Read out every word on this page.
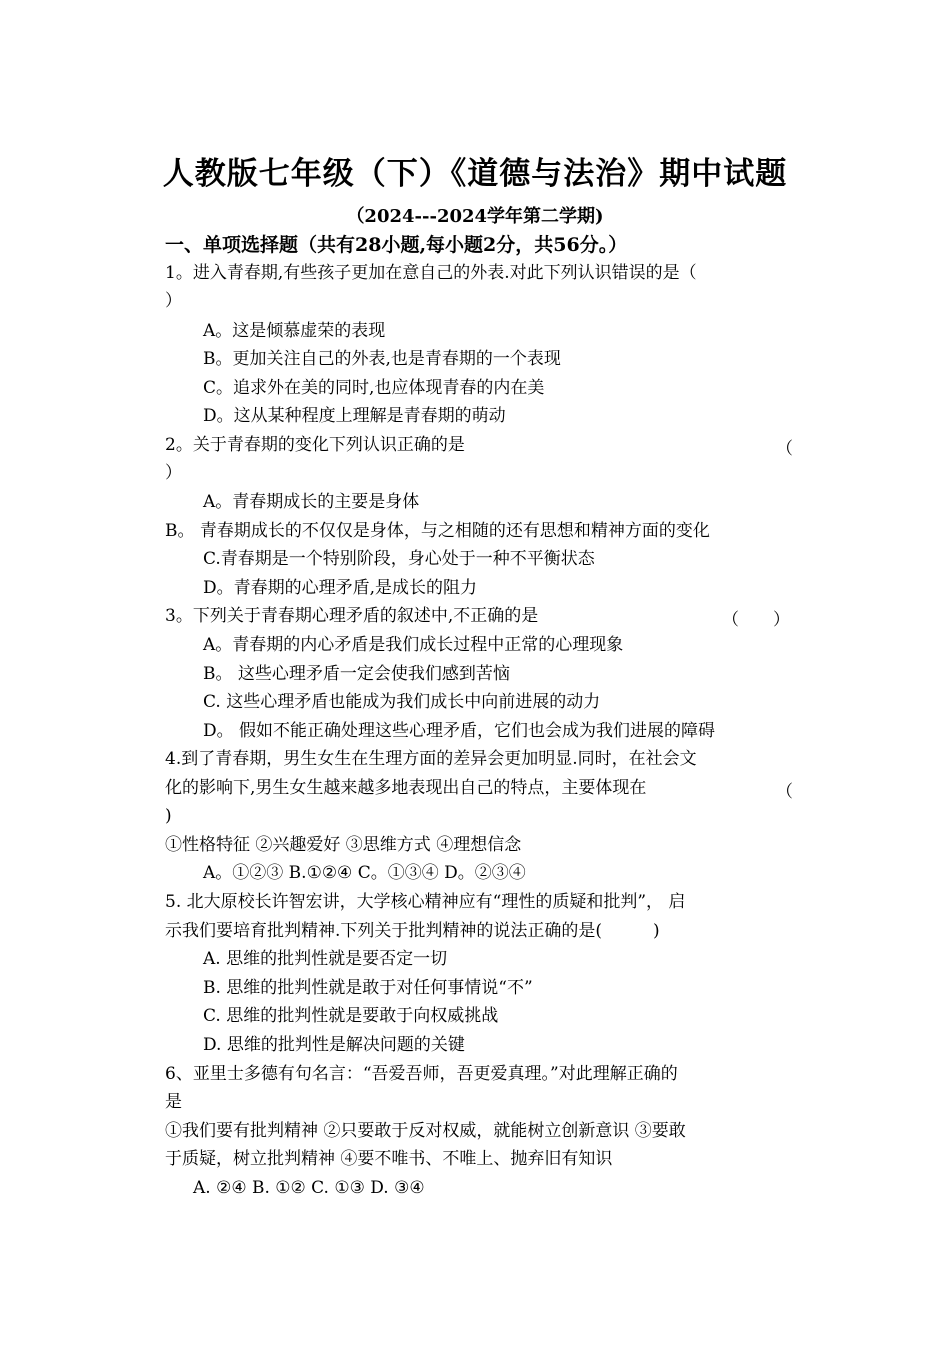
人教版七年级（下）《道德与法治》期中试题
（2024---2024学年第二学期)
一、单项选择题（共有28小题,每小题2分，共56分。）
1。进入青春期,有些孩子更加在意自己的外表.对此下列认识错误的是（
）
A。这是倾慕虚荣的表现
B。更加关注自己的外表,也是青春期的一个表现
C。追求外在美的同时,也应体现青春的内在美
D。这从某种程度上理解是青春期的萌动
2。关于青春期的变化下列认识正确的是	（
）
A。青春期成长的主要是身体
B。 青春期成长的不仅仅是身体，与之相随的还有思想和精神方面的变化
C.青春期是一个特别阶段，身心处于一种不平衡状态
D。青春期的心理矛盾,是成长的阻力
3。下列关于青春期心理矛盾的叙述中,不正确的是	（　　）
A。青春期的内心矛盾是我们成长过程中正常的心理现象
B。 这些心理矛盾一定会使我们感到苦恼
C. 这些心理矛盾也能成为我们成长中向前进展的动力
D。 假如不能正确处理这些心理矛盾，它们也会成为我们进展的障碍
4.到了青春期，男生女生在生理方面的差异会更加明显.同时，在社会文
化的影响下,男生女生越来越多地表现出自己的特点，主要体现在	（
)
①性格特征 ②兴趣爱好 ③思维方式 ④理想信念
A。①②③ B.①②④ C。①③④ D。②③④
5. 北大原校长许智宏讲，大学核心精神应有“理性的质疑和批判”， 启
示我们要培育批判精神.下列关于批判精神的说法正确的是(　　　)
A. 思维的批判性就是要否定一切
B. 思维的批判性就是敢于对任何事情说“不”
C. 思维的批判性就是要敢于向权威挑战
D. 思维的批判性是解决问题的关键
6、亚里士多德有句名言：“吾爱吾师，吾更爱真理。”对此理解正确的
是
①我们要有批判精神 ②只要敢于反对权威，就能树立创新意识 ③要敢
于质疑，树立批判精神 ④要不唯书、不唯上、抛弃旧有知识
A. ②④ B. ①② C. ①③ D. ③④
